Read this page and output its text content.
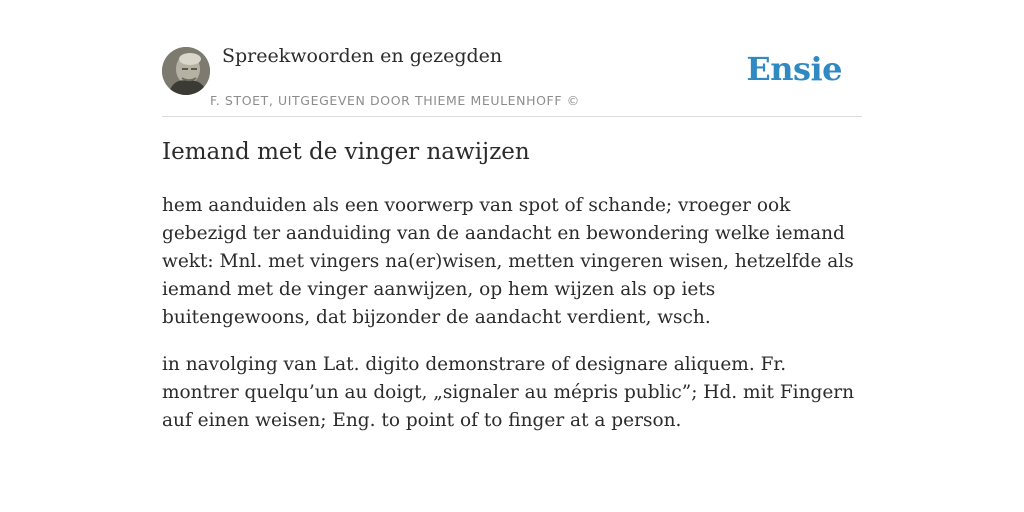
Spreekwoorden en gezegden
F. STOET, UITGEGEVEN DOOR THIEME MEULENHOFF ©
Ensie
Iemand met de vinger nawijzen

hem aanduiden als een voorwerp van spot of schande; vroeger ook gebezigd ter aanduiding van de aandacht en bewondering welke iemand wekt: Mnl. met vingers na(er)wisen, metten vingeren wisen, hetzelfde als iemand met de vinger aanwijzen, op hem wijzen als op iets buitengewoons, dat bijzonder de aandacht verdient, wsch.

in navolging van Lat. digito demonstrare of designare aliquem. Fr. montrer quelqu’un au doigt, „signaler au mépris public”; Hd. mit Fingern auf einen weisen; Eng. to point of to finger at a person.
